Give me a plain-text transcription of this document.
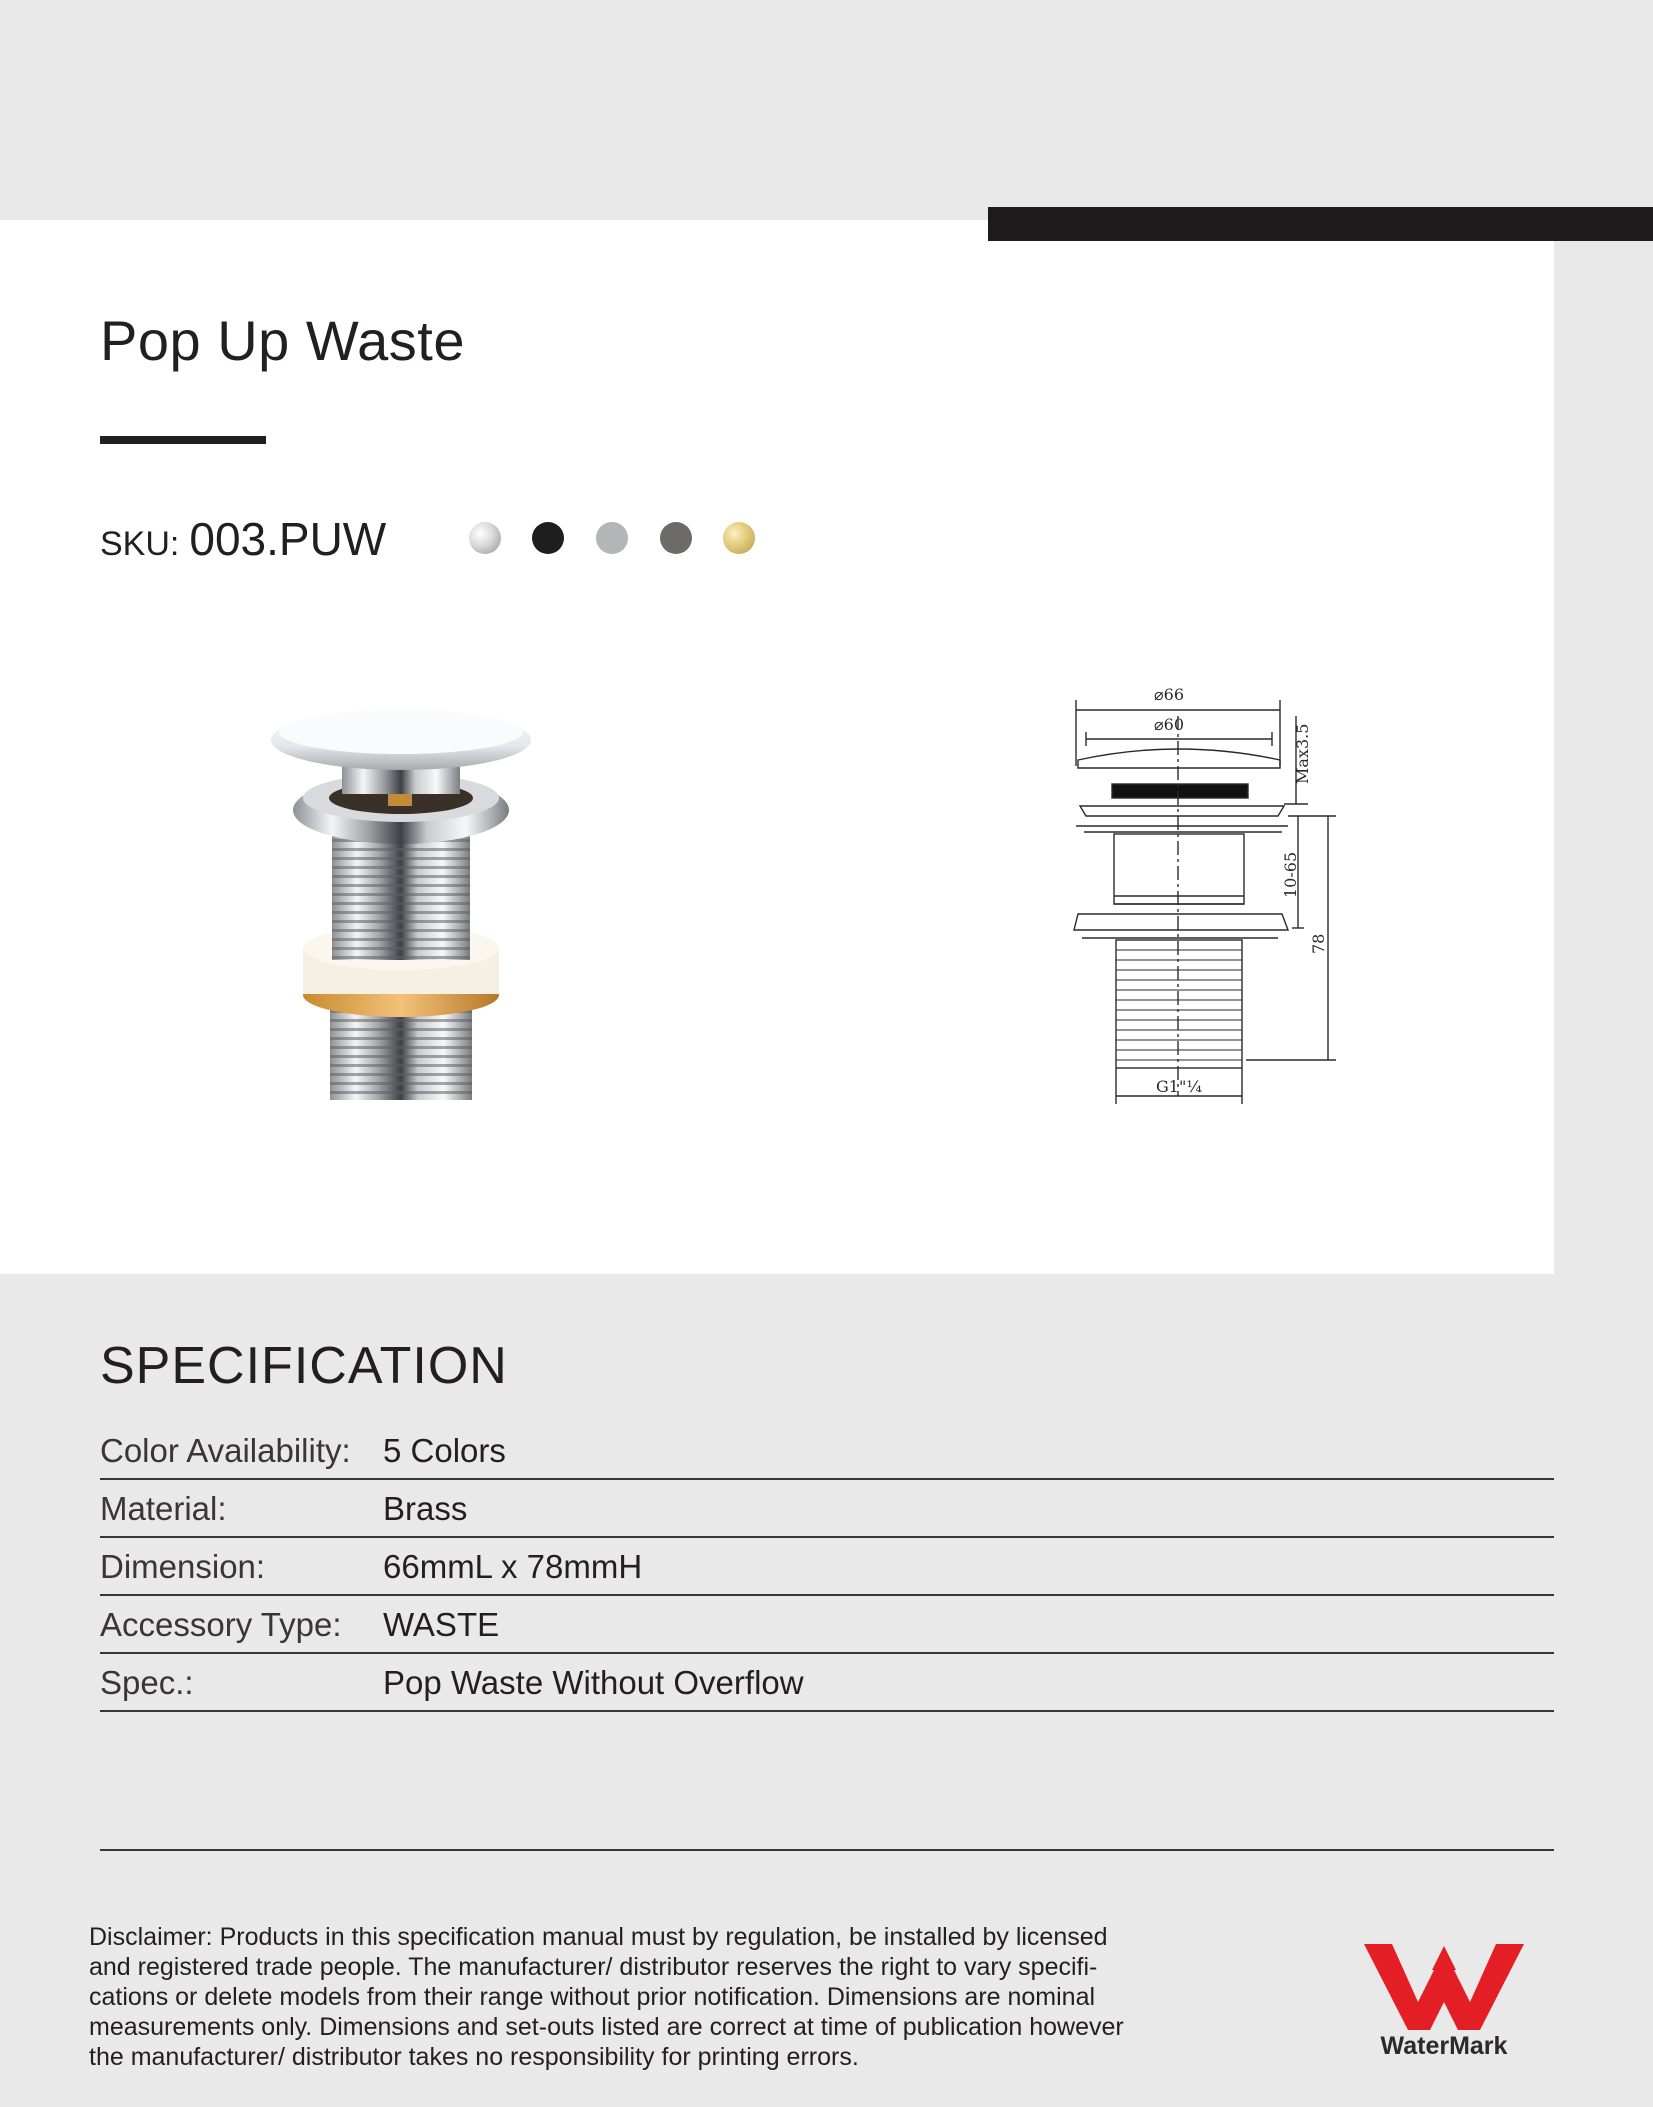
Pop Up Waste
SKU: 003.PUW
⌀66
⌀60	Max3.5
10-65
78
G1"¼
SPECIFICATION
Color Availability: 5 Colors
Material:	Brass
Dimension:	66mmL x 78mmH
Accessory Type: WASTE
Spec.:	Pop Waste Without Overflow

Disclaimer: Products in this specification manual must by regulation, be installed by licensed
and registered trade people. The manufacturer/ distributor reserves the right to vary specifi-
cations or delete models from their range without prior notification. Dimensions are nominal
measurements only. Dimensions and set-outs listed are correct at time of publication however
the manufacturer/ distributor takes no responsibility for printing errors.	WaterMark
